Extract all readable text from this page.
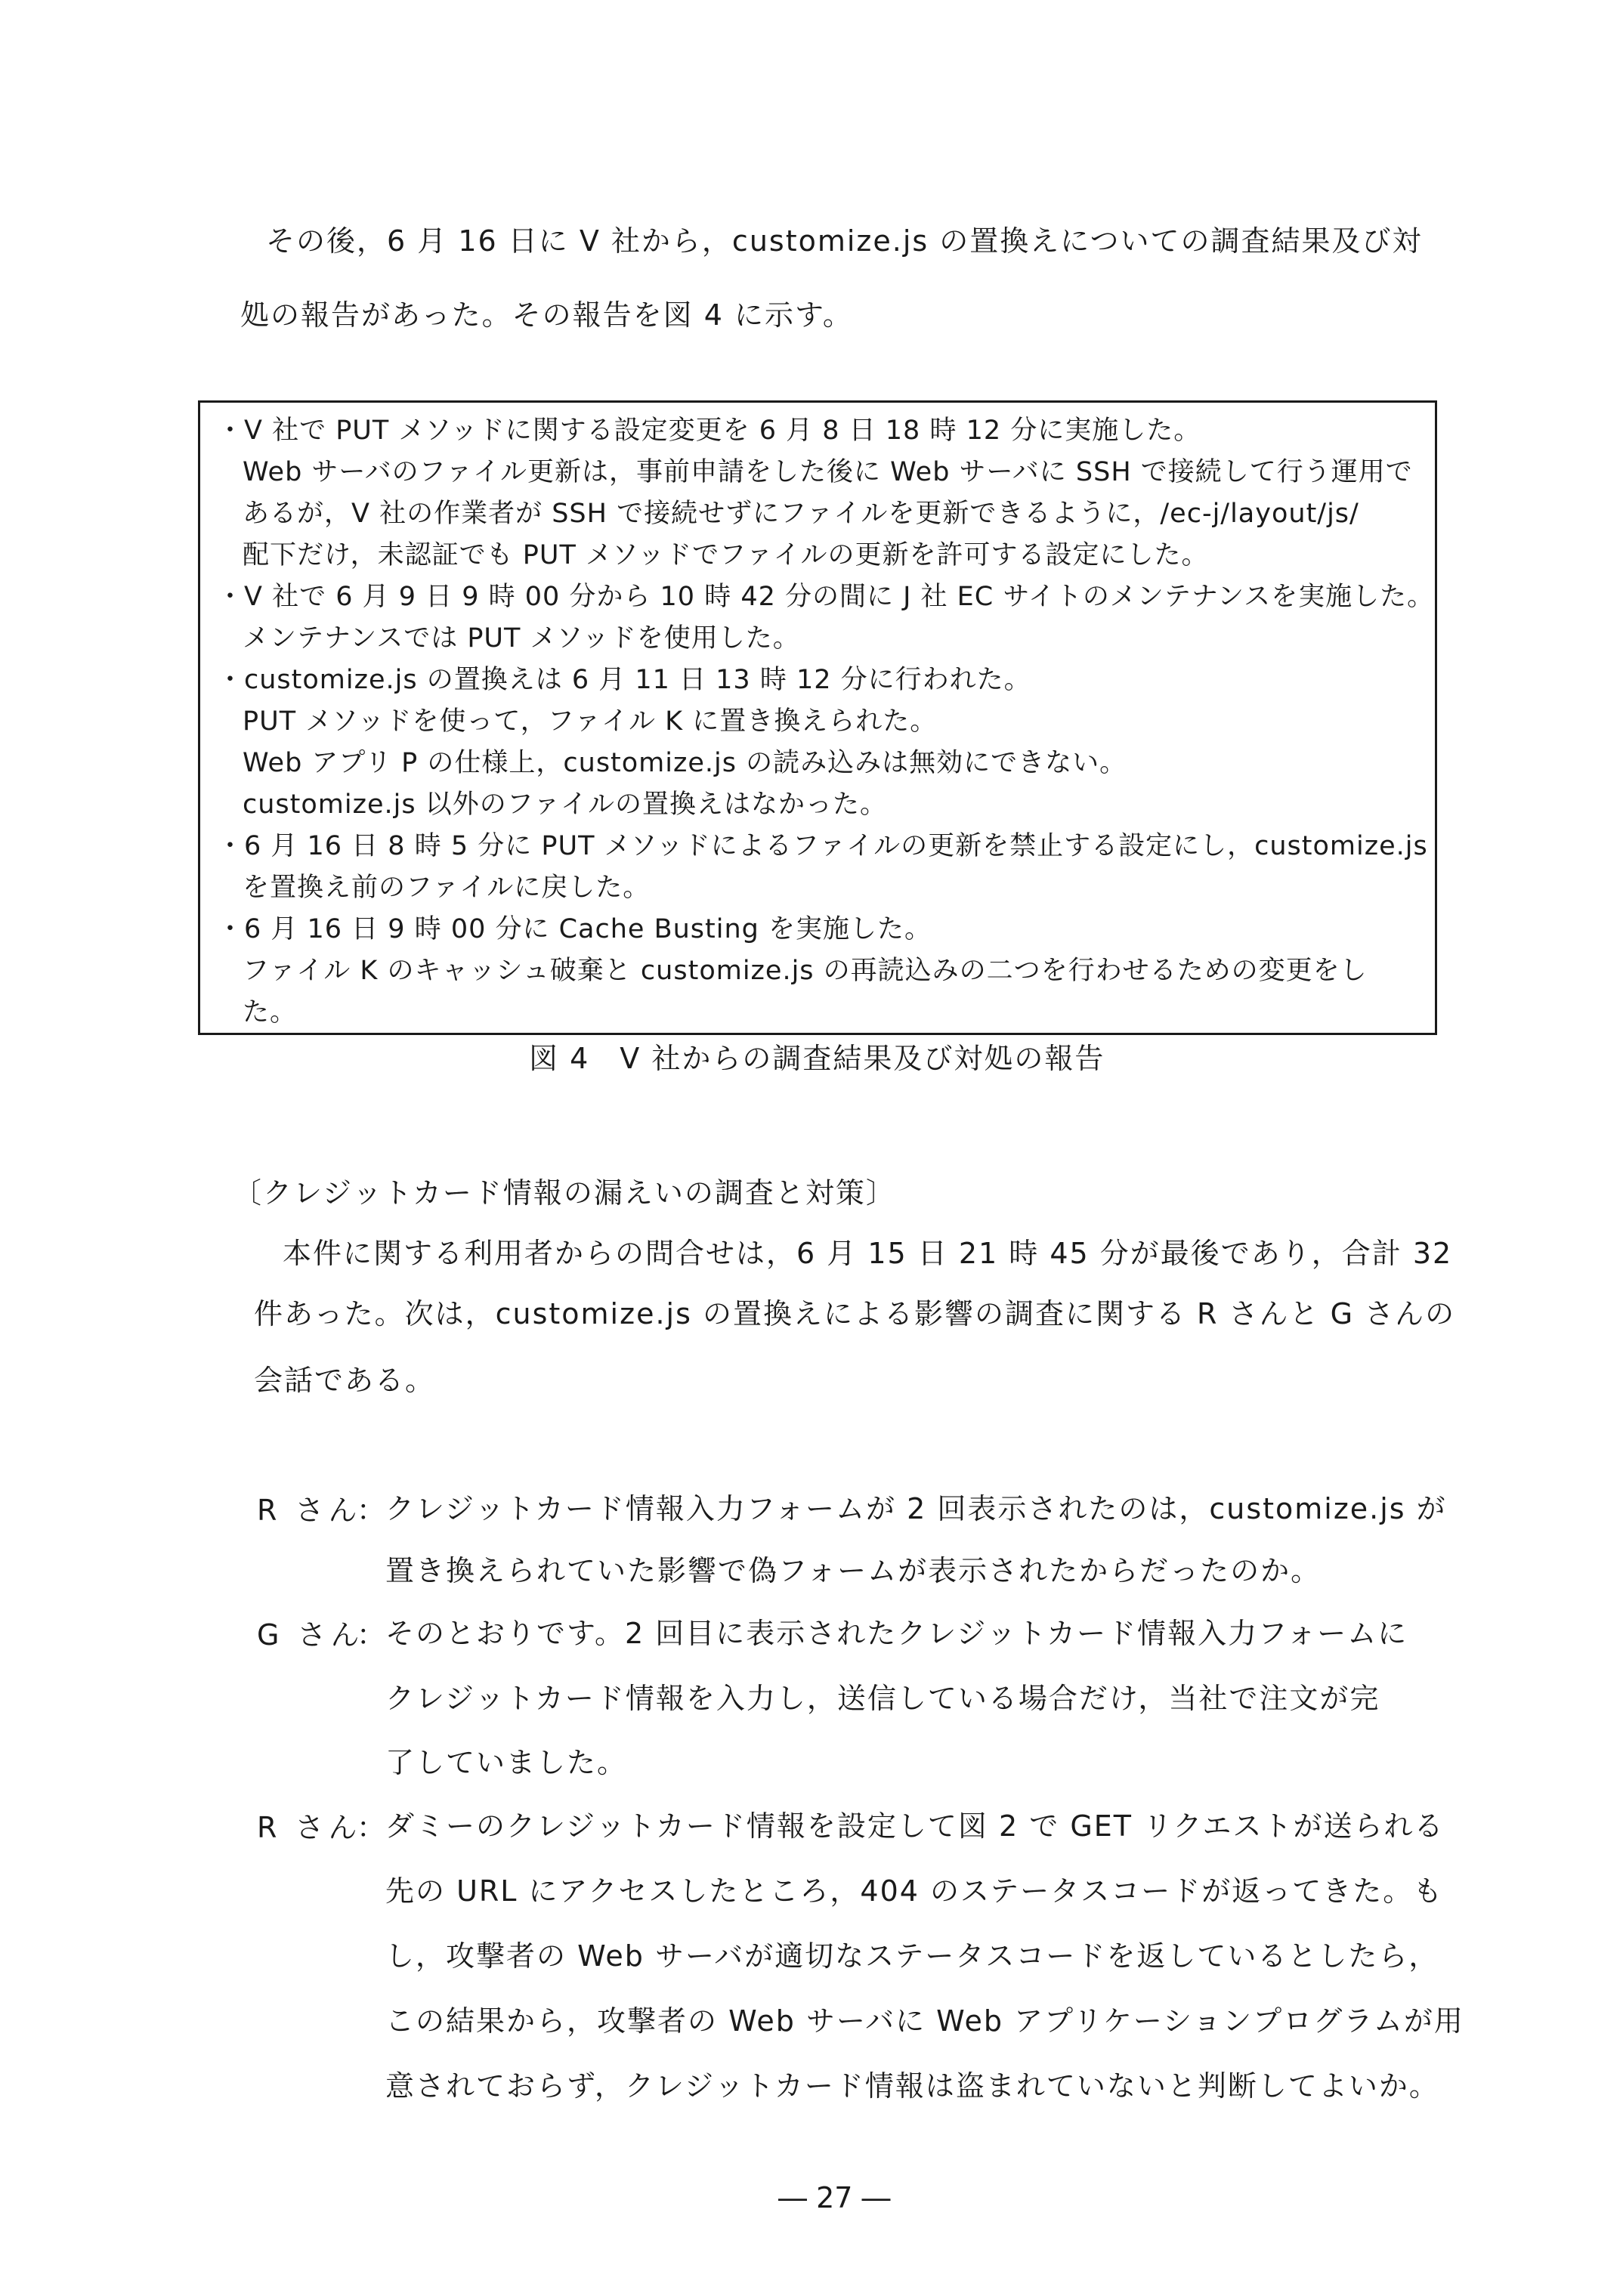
その後，6 月 16 日に V 社から，customize.js の置換えについての調査結果及び対
処の報告があった。その報告を図 4 に示す。
・V 社で PUT メソッドに関する設定変更を 6 月 8 日 18 時 12 分に実施した。
Web サーバのファイル更新は，事前申請をした後に Web サーバに SSH で接続して行う運用で
あるが，V 社の作業者が SSH で接続せずにファイルを更新できるように，/ec-j/layout/js/
配下だけ，未認証でも PUT メソッドでファイルの更新を許可する設定にした。
・V 社で 6 月 9 日 9 時 00 分から 10 時 42 分の間に J 社 EC サイトのメンテナンスを実施した。
メンテナンスでは PUT メソッドを使用した。
・customize.js の置換えは 6 月 11 日 13 時 12 分に行われた。
PUT メソッドを使って，ファイル K に置き換えられた。
Web アプリ P の仕様上，customize.js の読み込みは無効にできない。
customize.js 以外のファイルの置換えはなかった。
・6 月 16 日 8 時 5 分に PUT メソッドによるファイルの更新を禁止する設定にし，customize.js
を置換え前のファイルに戻した。
・6 月 16 日 9 時 00 分に Cache Busting を実施した。
ファイル K のキャッシュ破棄と customize.js の再読込みの二つを行わせるための変更をし
た。
図 4　V 社からの調査結果及び対処の報告
〔クレジットカード情報の漏えいの調査と対策〕
本件に関する利用者からの問合せは，6 月 15 日 21 時 45 分が最後であり，合計 32
件あった。次は，customize.js の置換えによる影響の調査に関する R さんと G さんの
会話である。
R さん
： クレジットカード情報入力フォームが 2 回表示されたのは，customize.js が
置き換えられていた影響で偽フォームが表示されたからだったのか。
G さん
： そのとおりです。2 回目に表示されたクレジットカード情報入力フォームに
クレジットカード情報を入力し，送信している場合だけ，当社で注文が完
了していました。
R さん
： ダミーのクレジットカード情報を設定して図 2 で GET リクエストが送られる
先の URL にアクセスしたところ，404 のステータスコードが返ってきた。も
し，攻撃者の Web サーバが適切なステータスコードを返しているとしたら，
この結果から，攻撃者の Web サーバに Web アプリケーションプログラムが用
意されておらず，クレジットカード情報は盗まれていないと判断してよいか。
― 27 ―
